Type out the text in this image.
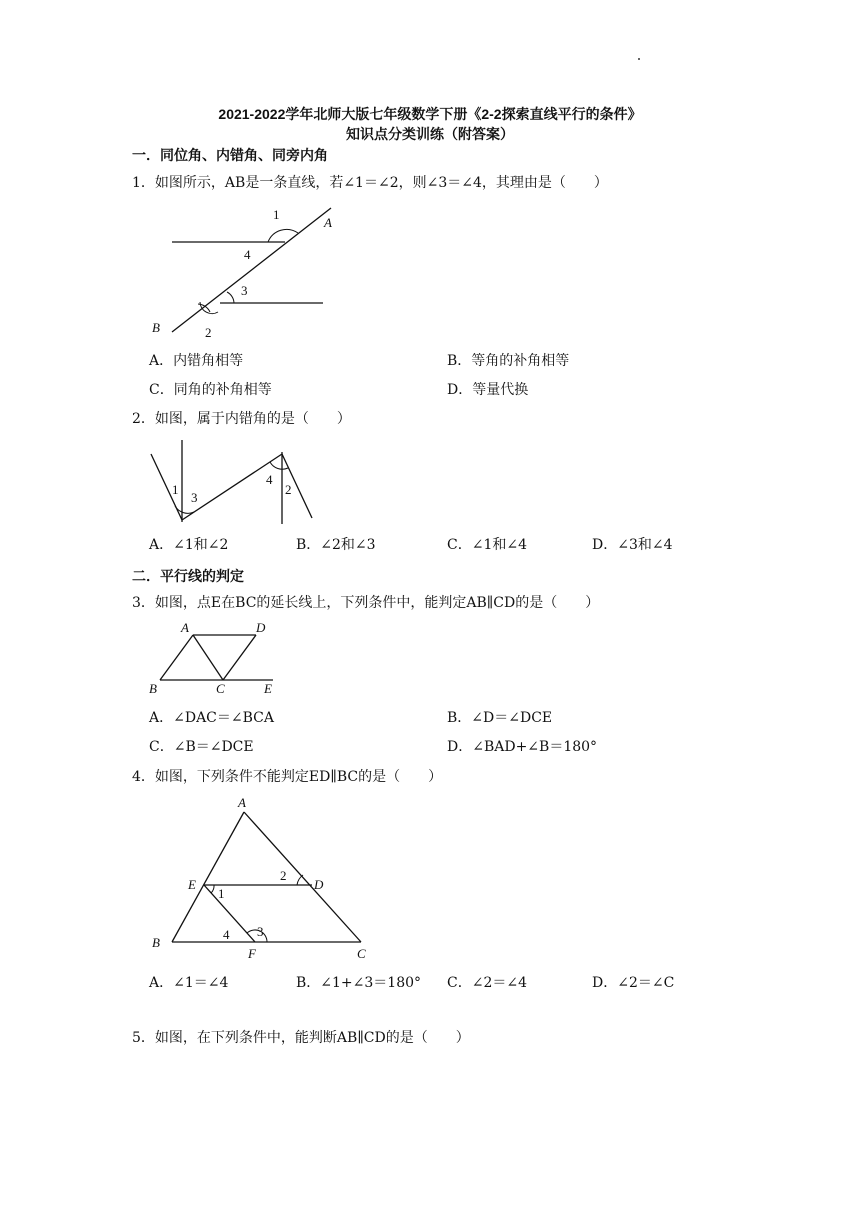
2021-2022学年北师大版七年级数学下册《2-2探索直线平行的条件》
知识点分类训练（附答案）
一．同位角、内错角、同旁内角
1．如图所示，AB是一条直线，若∠1＝∠2，则∠3＝∠4，其理由是（　　）
1
4
3
2
A
B
A．内错角相等	B．等角的补角相等
C．同角的补角相等	D．等量代换
2．如图，属于内错角的是（　　）
1
3
4
2
A．∠1和∠2	B．∠2和∠3	C．∠1和∠4	D．∠3和∠4
二．平行线的判定
3．如图，点E在BC的延长线上，下列条件中，能判定AB∥CD的是（　　）
A	D
B	C	E
A．∠DAC＝∠BCA	B．∠D＝∠DCE
C．∠B＝∠DCE	D．∠BAD+∠B＝180°
4．如图，下列条件不能判定ED∥BC的是（　　）
A
E	D
B
F	C
1
2
3
4
A．∠1＝∠4	B．∠1+∠3＝180° C．∠2＝∠4	D．∠2＝∠C
5．如图，在下列条件中，能判断AB∥CD的是（　　）
